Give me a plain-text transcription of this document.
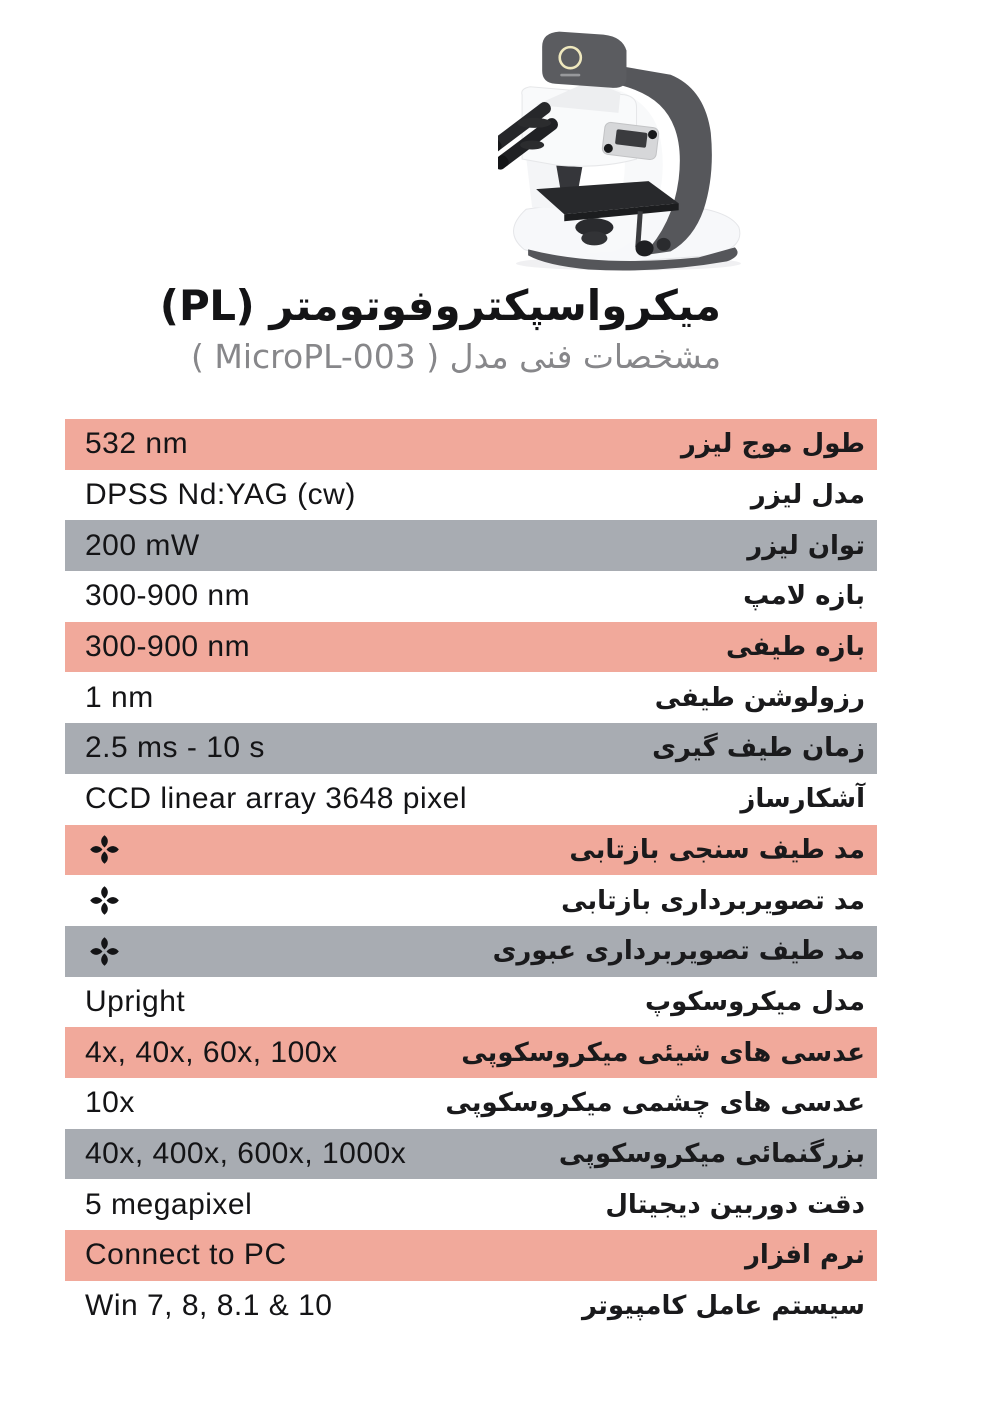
میکرواسپکتروفوتومتر (PL)
مشخصات فنی مدل ( MicroPL-003 )
532 nm	طول موج لیزر
DPSS Nd:YAG (cw)	مدل لیزر
200 mW	توان لیزر
300-900 nm	بازه لامپ
300-900 nm	بازه طیفی
1 nm	رزولوشن طیفی
2.5 ms - 10 s	زمان طیف گیری
CCD linear array 3648 pixel	آشکارساز
مد طیف سنجی بازتابی
مد تصویربرداری بازتابی
مد طیف تصویربرداری عبوری
Upright	مدل میکروسکوپ
4x, 40x, 60x, 100x	عدسی های شیئی میکروسکوپی
10x	عدسی های چشمی میکروسکوپی
40x, 400x, 600x, 1000x	بزرگنمائی میکروسکوپی
5 megapixel	دقت دوربین دیجیتال
Connect to PC	نرم افزار
Win 7, 8, 8.1 & 10	سیستم عامل کامپیوتر
